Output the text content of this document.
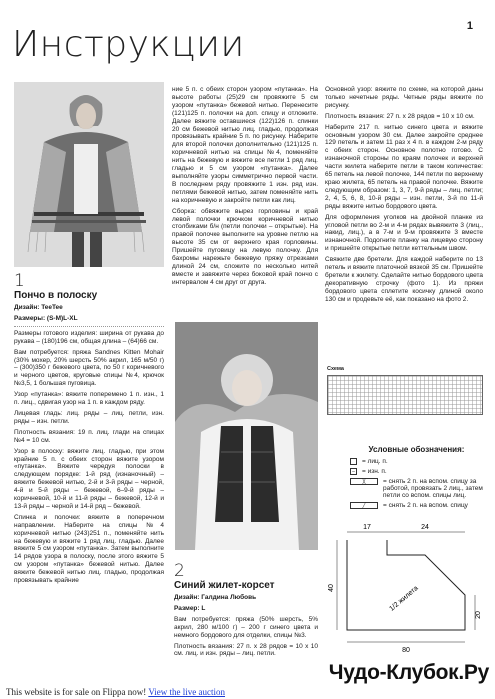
Инструкции	1
1
Пончо в полоску

Дизайн: TeeTee

Размеры: (S-M)L-XL

Размеры готового изделия: ширина от рукава до рукава – (180)196 см, общая длина – (64)66 см.

Вам потребуется: пряжа Sandnes Kitten Mohair (30% мохер, 20% шерсть 50% акрил, 165 м/50 г) – (300)350 г бежевого цвета, по 50 г коричневого и черного цветов, круговые спицы №4, крючок №3,5, 1 большая пуговица.

Узор «путанка»: вяжите поперемено 1 п. изн., 1 п. лиц., сдвигая узор на 1 п. в каждом ряду.

Лицевая гладь: лиц. ряды – лиц. петли, изн. ряды – изн. петли.

Плотность вязания: 19 п. лиц. глади на спицах №4 = 10 см.

Узор в полоску: вяжите лиц. гладью, при этом крайние 5 п. с обеих сторон вяжите узором «путанка». Вяжите чередуя полоски в следующем порядке: 1-й ряд (изнаночный) – вяжите бежевой нитью, 2-й и 3-й ряды – черной, 4-й и 5-й ряды – бежевой, 6–9-й ряды – коричневой, 10-й и 11-й ряды – бежевой, 12-й и 13-й ряды – черной и 14-й ряд – бежевой.

Спинка и полочки: вяжите в поперечном направлении. Наберите на спицы №4 коричневой нитью (243)251 п., поменяйте нить на бежевую и вяжите 1 ряд лиц. гладью. Далее вяжите 5 см узором «путанка». Затем выполните 14 рядов узора в полоску, после этого вяжите 5 см узором «путанка» бежевой нитью. Далее вяжите бежевой нитью лиц. гладью, продолжая провязывать крайние

ние 5 п. с обеих сторон узором «путанка». На высоте работы (25)29 см провяжите 5 см узором «путанка» бежевой нитью. Перенесите (121)125 п. полочки на доп. спицу и отложите. Далее вяжите оставшиеся (122)126 п. спинки 20 см бежевой нитью лиц. гладью, продолжая провязывать крайние 5 п. по рисунку. Наберите для второй полочки дополнительно (121)125 п. коричневой нитью на спицы №4, поменяйте нить на бежевую и вяжите все петли 1 ряд лиц. гладью и 5 см узором «путанка». Далее выполняйте узоры симметрично первой части. В последнем ряду провяжите 1 изн. ряд изн. петлями бежевой нитью, затем поменяйте нить на коричневую и закройте петли как лиц.

Сборка: обвяжите вырез горловины и край левой полочки крючком коричневой нитью столбиками б/н (петли полочки – открытые). На правой полочке выполните на уровне петлю на высоте 35 см от верхнего края горловины. Пришейте пуговицу на левую полочку. Для бахромы нарежьте бежевую пряжу отрезками длиной 24 см, сложите по несколько нитей вместе и завяжите через боковой край пончо с интервалом 4 см друг от друга.

2
Синий жилет-корсет

Дизайн: Галдина Любовь

Размер: L

Вам потребуется: пряжа (50% шерсть, 5% акрил, 280 м/100 г) – 200 г синего цвета и немного бордового для отделки, спицы №3.

Плотность вязания: 27 п. x 28 рядов = 10 x 10 см. лиц. и изн. ряды – лиц. петли.

Основной узор: вяжите по схеме, на которой даны только нечетные ряды. Четные ряды вяжите по рисунку.

Плотность вязания: 27 п. x 28 рядов = 10 x 10 см.

Наберите 217 п. нитью синего цвета и вяжите основным узором 30 см. Далее закройте среднее 129 петель и затем 11 раз x 4 п. в каждом 2-м ряду с обеих сторон. Основное полотно готово. С изнаночной стороны по краям полочек и верхней части жилета наберите петли в таком количестве: 65 петель на левой полочке, 144 петли по верхнему краю жилета, 65 петель на правой полочке. Вяжите следующим образом: 1, 3, 7, 9-й ряды – лиц. петли; 2, 4, 5, 6, 8, 10-й ряды – изн. петли, 3-й по 11-й ряды вяжите нитью бордового цвета.

Для оформления уголков на двойной планке из угловой петли во 2-м и 4-м рядах вывяжите 3 (лиц., накид, лиц.), а в 7-м и 9-м провяжите 3 вместе изнаночной. Подогните планку на лицевую сторону и пришейте открытые петли кеттельным швом.

Свяжите две бретели. Для каждой наберите по 13 петель и вяжите платочной вязкой 35 см. Пришейте бретели к жилету. Сделайте нитью бордового цвета декоративную строчку (фото 1). Из пряжи бордового цвета сплетите косичку длиной около 130 см и продевьте её, как показано на фото 2.

Схема
Условные обозначения:
= лиц. п.
–	= изн. п.
╳	= снять 2 п. на вспом. спицу за работой, провязать 2 лиц., затем петли со вспом. спицы лиц.
╱	= снять 2 п. на вспом. спицу
17	24
40
20
1/2 жилета
80
Чудо-Клубок.Ру
This website is for sale on Flippa now! View the live auction
